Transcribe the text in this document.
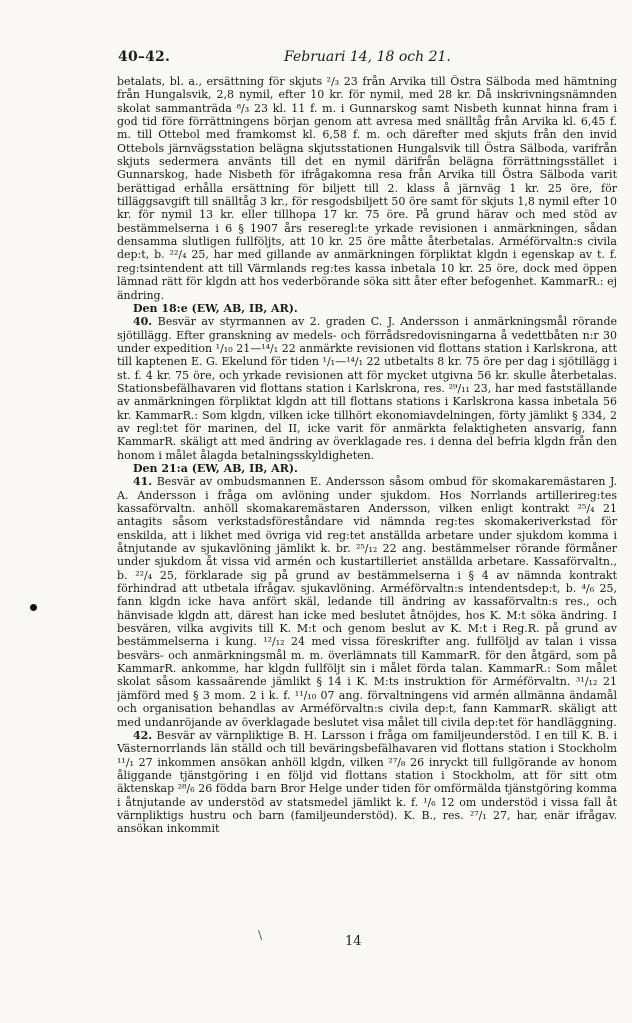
40–42.	Februari 14, 18 och 21.

betalats, bl. a., ersättning för skjuts ²/₃ 23 från Arvika till Östra Sälboda med hämtning från Hungalsvik, 2,8 nymil, efter 10 kr. för nymil, med 28 kr. Då inskrivningsnämnden skolat sammanträda ⁸/₃ 23 kl. 11 f. m. i Gunnarskog samt Nisbeth kunnat hinna fram i god tid före förrättningens början genom att avresa med snälltåg från Arvika kl. 6,45 f. m. till Ottebol med framkomst kl. 6,58 f. m. och därefter med skjuts från den invid Ottebols järnvägsstation belägna skjutsstationen Hungalsvik till Östra Sälboda, varifrån skjuts sedermera använts till det en nymil därifrån belägna förrättningsstället i Gunnarskog, hade Nisbeth för ifrågakomna resa från Arvika till Östra Sälboda varit berättigad erhålla ersättning för biljett till 2. klass å järnväg 1 kr. 25 öre, för tilläggsavgift till snälltåg 3 kr., för resgodsbiljett 50 öre samt för skjuts 1,8 nymil efter 10 kr. för nymil 13 kr. eller tillhopa 17 kr. 75 öre. På grund härav och med stöd av bestämmelserna i 6 § 1907 års reseregl:te yrkade revisionen i anmärkningen, sådan densamma slutligen fullföljts, att 10 kr. 25 öre måtte återbetalas. Arméförvaltn:s civila dep:t, b. ²²/₄ 25, har med gillande av anmärkningen förpliktat klgdn i egenskap av t. f. reg:tsintendent att till Värmlands reg:tes kassa inbetala 10 kr. 25 öre, dock med öppen lämnad rätt för klgdn att hos vederbörande söka sitt åter efter befogenhet. KammarR.: ej ändring.

Den 18:e (EW, AB, IB, AR).

40. Besvär av styrmannen av 2. graden C. J. Andersson i anmärkningsmål rörande sjötillägg. Efter granskning av medels- och förrådsredovisningarna å vedettbåten n:r 30 under expedition ¹/₁₀ 21—¹⁴/₁ 22 anmärkte revisionen vid flottans station i Karlskrona, att till kaptenen E. G. Ekelund för tiden ¹/₁—¹⁴/₁ 22 utbetalts 8 kr. 75 öre per dag i sjötillägg i st. f. 4 kr. 75 öre, och yrkade revisionen att för mycket utgivna 56 kr. skulle återbetalas. Stationsbefälhavaren vid flottans station i Karlskrona, res. ²⁹/₁₁ 23, har med fastställande av anmärkningen förpliktat klgdn att till flottans stations i Karlskrona kassa inbetala 56 kr. KammarR.: Som klgdn, vilken icke tillhört ekonomiavdelningen, förty jämlikt § 334, 2 av regl:tet för marinen, del II, icke varit för anmärkta felaktigheten ansvarig, fann KammarR. skäligt att med ändring av överklagade res. i denna del befria klgdn från den honom i målet ålagda betalningsskyldigheten.

Den 21:a (EW, AB, IB, AR).

41. Besvär av ombudsmannen E. Andersson såsom ombud för skomakaremästaren J. A. Andersson i fråga om avlöning under sjukdom. Hos Norrlands artillerireg:tes kassaförvaltn. anhöll skomakaremästaren Andersson, vilken enligt kontrakt ²⁵/₄ 21 antagits såsom verkstadsföreståndare vid nämnda reg:tes skomakeriverkstad för enskilda, att i likhet med övriga vid reg:tet anställda arbetare under sjukdom komma i åtnjutande av sjukavlöning jämlikt k. br. ²⁵/₁₂ 22 ang. bestämmelser rörande förmåner under sjukdom åt vissa vid armén och kustartilleriet anställda arbetare. Kassaförvaltn., b. ²²/₄ 25, förklarade sig på grund av bestämmelserna i § 4 av nämnda kontrakt förhindrad att utbetala ifrågav. sjukavlöning. Arméförvaltn:s intendentsdep:t, b. ⁴/₆ 25, fann klgdn icke hava anfört skäl, ledande till ändring av kassaförvaltn:s res., och hänvisade klgdn att, därest han icke med beslutet åtnöjdes, hos K. M:t söka ändring. I besvären, vilka avgivits till K. M:t och genom beslut av K. M:t i Reg.R. på grund av bestämmelserna i kung. ¹²/₁₂ 24 med vissa föreskrifter ang. fullföljd av talan i vissa besvärs- och anmärkningsmål m. m. överlämnats till KammarR. för den åtgärd, som på KammarR. ankomme, har klgdn fullföljt sin i målet förda talan. KammarR.: Som målet skolat såsom kassaärende jämlikt § 14 i K. M:ts instruktion för Arméförvaltn. ³¹/₁₂ 21 jämförd med § 3 mom. 2 i k. f. ¹¹/₁₀ 07 ang. förvaltningens vid armén allmänna ändamål och organisation behandlas av Arméförvaltn:s civila dep:t, fann KammarR. skäligt att med undanröjande av överklagade beslutet visa målet till civila dep:tet för handläggning.

42. Besvär av värnpliktige B. H. Larsson i fråga om familjeunderstöd. I en till K. B. i Västernorrlands län ställd och till beväringsbefälhavaren vid flottans station i Stockholm ¹¹/₁ 27 inkommen ansökan anhöll klgdn, vilken ²⁷/₈ 26 inryckt till fullgörande av honom åliggande tjänstgöring i en följd vid flottans station i Stockholm, att för sitt otm äktenskap ²⁸/₆ 26 födda barn Bror Helge under tiden för omförmälda tjänstgöring komma i åtnjutande av understöd av statsmedel jämlikt k. f. ¹/₆ 12 om understöd i vissa fall åt värnpliktigs hustru och barn (familjeunderstöd). K. B., res. ²⁷/₁ 27, har, enär ifrågav. ansökan inkommit

\	14
